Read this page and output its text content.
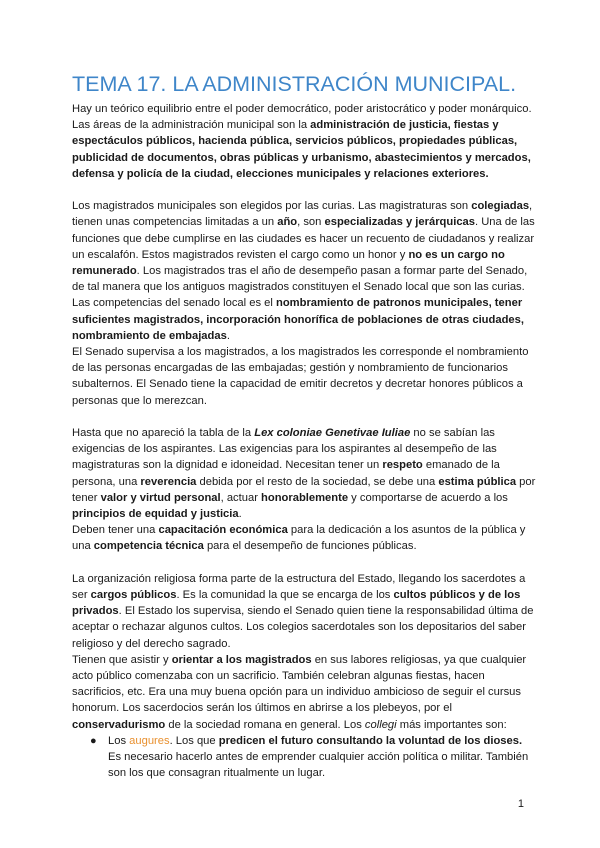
TEMA 17. LA ADMINISTRACIÓN MUNICIPAL.

Hay un teórico equilibrio entre el poder democrático, poder aristocrático y poder monárquico. Las áreas de la administración municipal son la administración de justicia, fiestas y espectáculos públicos, hacienda pública, servicios públicos, propiedades públicas, publicidad de documentos, obras públicas y urbanismo, abastecimientos y mercados, defensa y policía de la ciudad, elecciones municipales y relaciones exteriores.

Los magistrados municipales son elegidos por las curias. Las magistraturas son colegiadas, tienen unas competencias limitadas a un año, son especializadas y jerárquicas. Una de las funciones que debe cumplirse en las ciudades es hacer un recuento de ciudadanos y realizar un escalafón. Estos magistrados revisten el cargo como un honor y no es un cargo no remunerado. Los magistrados tras el año de desempeño pasan a formar parte del Senado, de tal manera que los antiguos magistrados constituyen el Senado local que son las curias.

Las competencias del senado local es el nombramiento de patronos municipales, tener suficientes magistrados, incorporación honorífica de poblaciones de otras ciudades, nombramiento de embajadas.

El Senado supervisa a los magistrados, a los magistrados les corresponde el nombramiento de las personas encargadas de las embajadas; gestión y nombramiento de funcionarios subalternos. El Senado tiene la capacidad de emitir decretos y decretar honores públicos a personas que lo merezcan.

Hasta que no apareció la tabla de la Lex coloniae Genetivae Iuliae no se sabían las exigencias de los aspirantes. Las exigencias para los aspirantes al desempeño de las magistraturas son la dignidad e idoneidad. Necesitan tener un respeto emanado de la persona, una reverencia debida por el resto de la sociedad, se debe una estima pública por tener valor y virtud personal, actuar honorablemente y comportarse de acuerdo a los principios de equidad y justicia.

Deben tener una capacitación económica para la dedicación a los asuntos de la pública y una competencia técnica para el desempeño de funciones públicas.

La organización religiosa forma parte de la estructura del Estado, llegando los sacerdotes a ser cargos públicos. Es la comunidad la que se encarga de los cultos públicos y de los privados. El Estado los supervisa, siendo el Senado quien tiene la responsabilidad última de aceptar o rechazar algunos cultos. Los colegios sacerdotales son los depositarios del saber religioso y del derecho sagrado.

Tienen que asistir y orientar a los magistrados en sus labores religiosas, ya que cualquier acto público comenzaba con un sacrificio. También celebran algunas fiestas, hacen sacrificios, etc. Era una muy buena opción para un individuo ambicioso de seguir el cursus honorum. Los sacerdocios serán los últimos en abrirse a los plebeyos, por el conservadurismo de la sociedad romana en general. Los collegi más importantes son:

● Los augures. Los que predicen el futuro consultando la voluntad de los dioses. Es necesario hacerlo antes de emprender cualquier acción política o militar. También son los que consagran ritualmente un lugar.
1
